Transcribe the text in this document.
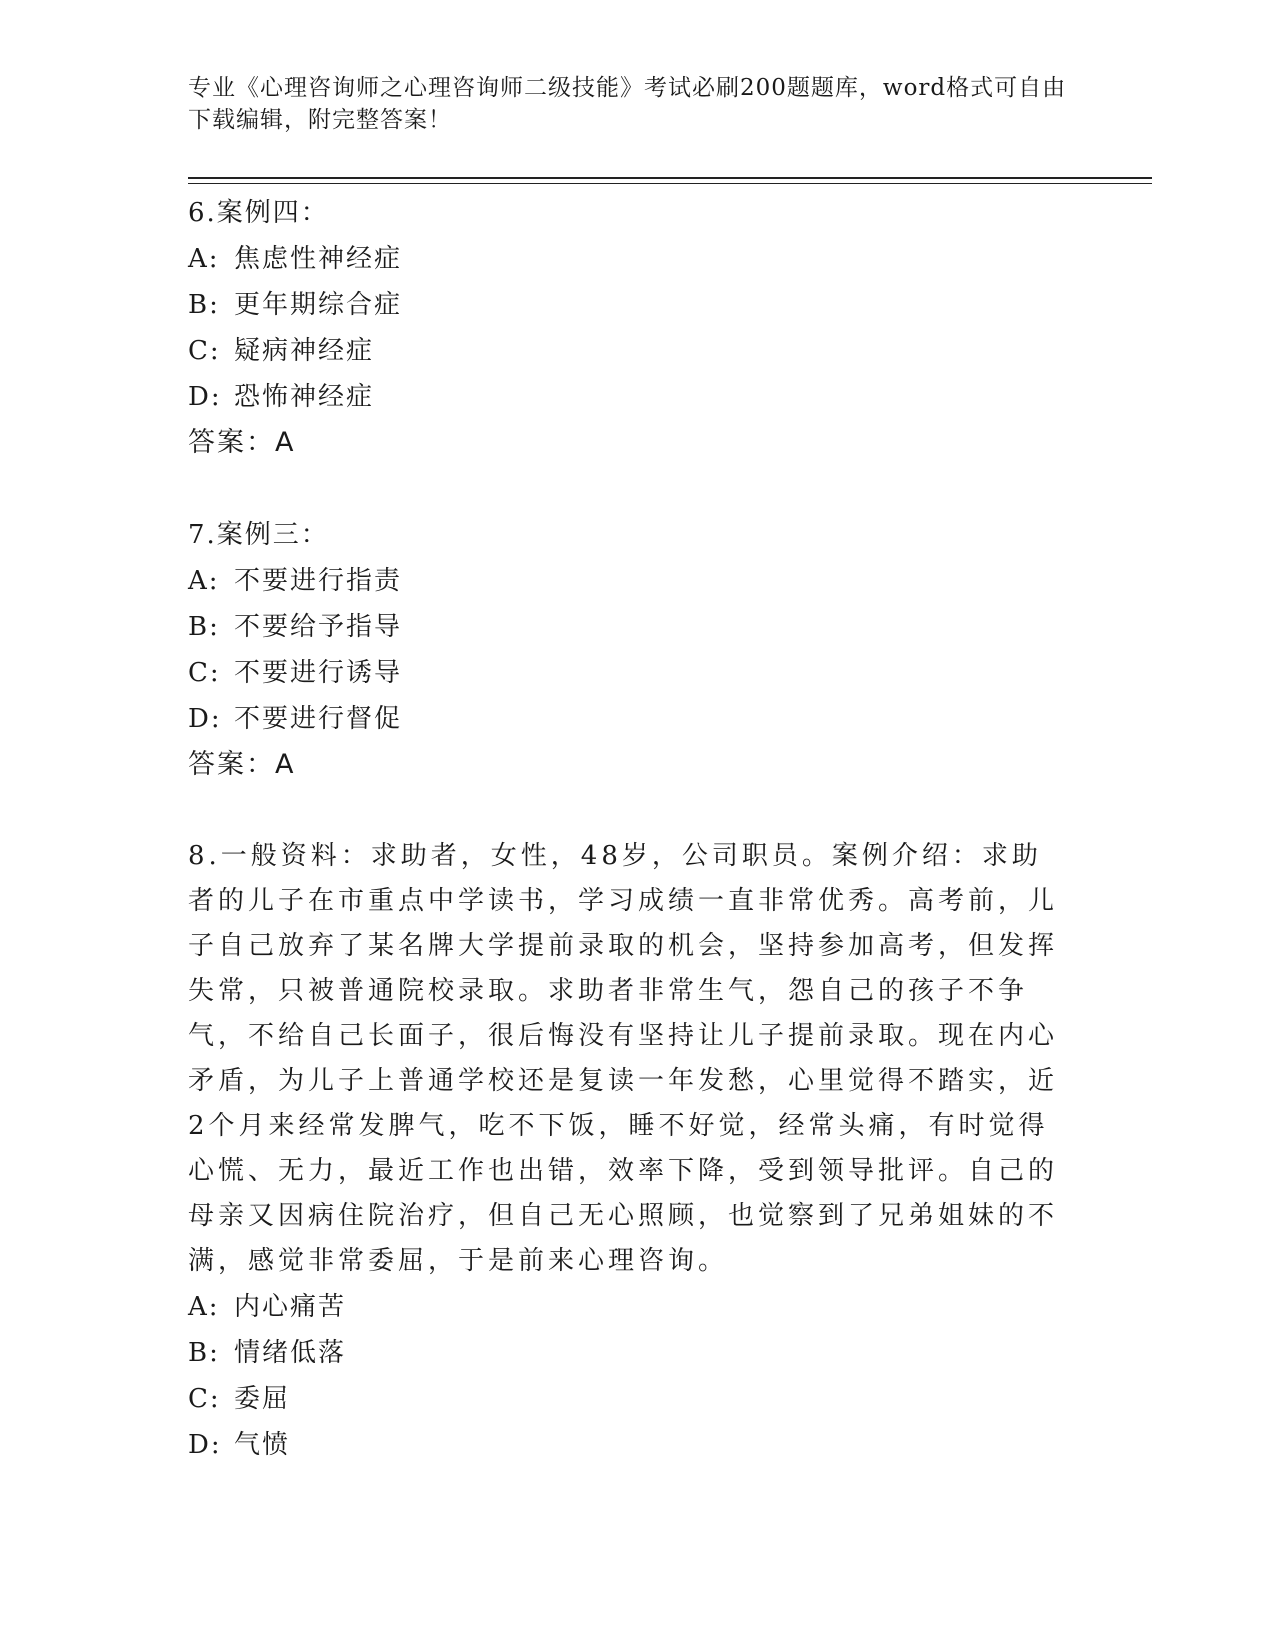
专业《心理咨询师之心理咨询师二级技能》考试必刷200题题库，word格式可自由下载编辑，附完整答案！
6.案例四：
A: 焦虑性神经症
B: 更年期综合症
C: 疑病神经症
D: 恐怖神经症
答案：A
7.案例三：
A: 不要进行指责
B: 不要给予指导
C: 不要进行诱导
D: 不要进行督促
答案：A
8.一般资料：求助者，女性，48岁，公司职员。案例介绍：求助者的儿子在市重点中学读书，学习成绩一直非常优秀。高考前，儿子自己放弃了某名牌大学提前录取的机会，坚持参加高考，但发挥失常，只被普通院校录取。求助者非常生气，怨自己的孩子不争气，不给自己长面子，很后悔没有坚持让儿子提前录取。现在内心矛盾，为儿子上普通学校还是复读一年发愁，心里觉得不踏实，近2个月来经常发脾气，吃不下饭，睡不好觉，经常头痛，有时觉得心慌、无力，最近工作也出错，效率下降，受到领导批评。自己的母亲又因病住院治疗，但自己无心照顾，也觉察到了兄弟姐妹的不满，感觉非常委屈，于是前来心理咨询。
A: 内心痛苦
B: 情绪低落
C: 委屈
D: 气愤
